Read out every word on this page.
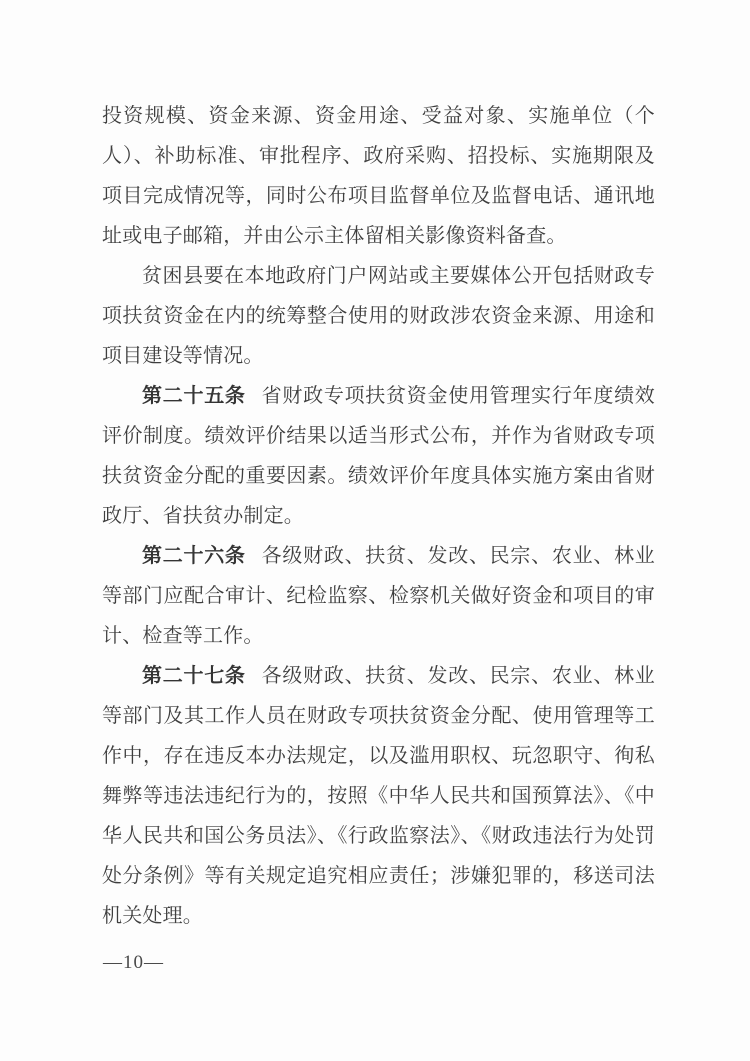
投资规模、资金来源、资金用途、受益对象、实施单位（个人）、补助标准、审批程序、政府采购、招投标、实施期限及项目完成情况等，同时公布项目监督单位及监督电话、通讯地址或电子邮箱，并由公示主体留相关影像资料备查。

贫困县要在本地政府门户网站或主要媒体公开包括财政专项扶贫资金在内的统筹整合使用的财政涉农资金来源、用途和项目建设等情况。

第二十五条 省财政专项扶贫资金使用管理实行年度绩效评价制度。绩效评价结果以适当形式公布，并作为省财政专项扶贫资金分配的重要因素。绩效评价年度具体实施方案由省财政厅、省扶贫办制定。

第二十六条 各级财政、扶贫、发改、民宗、农业、林业等部门应配合审计、纪检监察、检察机关做好资金和项目的审计、检查等工作。

第二十七条 各级财政、扶贫、发改、民宗、农业、林业等部门及其工作人员在财政专项扶贫资金分配、使用管理等工作中，存在违反本办法规定，以及滥用职权、玩忽职守、徇私舞弊等违法违纪行为的，按照《中华人民共和国预算法》、《中华人民共和国公务员法》、《行政监察法》、《财政违法行为处罚处分条例》等有关规定追究相应责任；涉嫌犯罪的，移送司法机关处理。

—10—
